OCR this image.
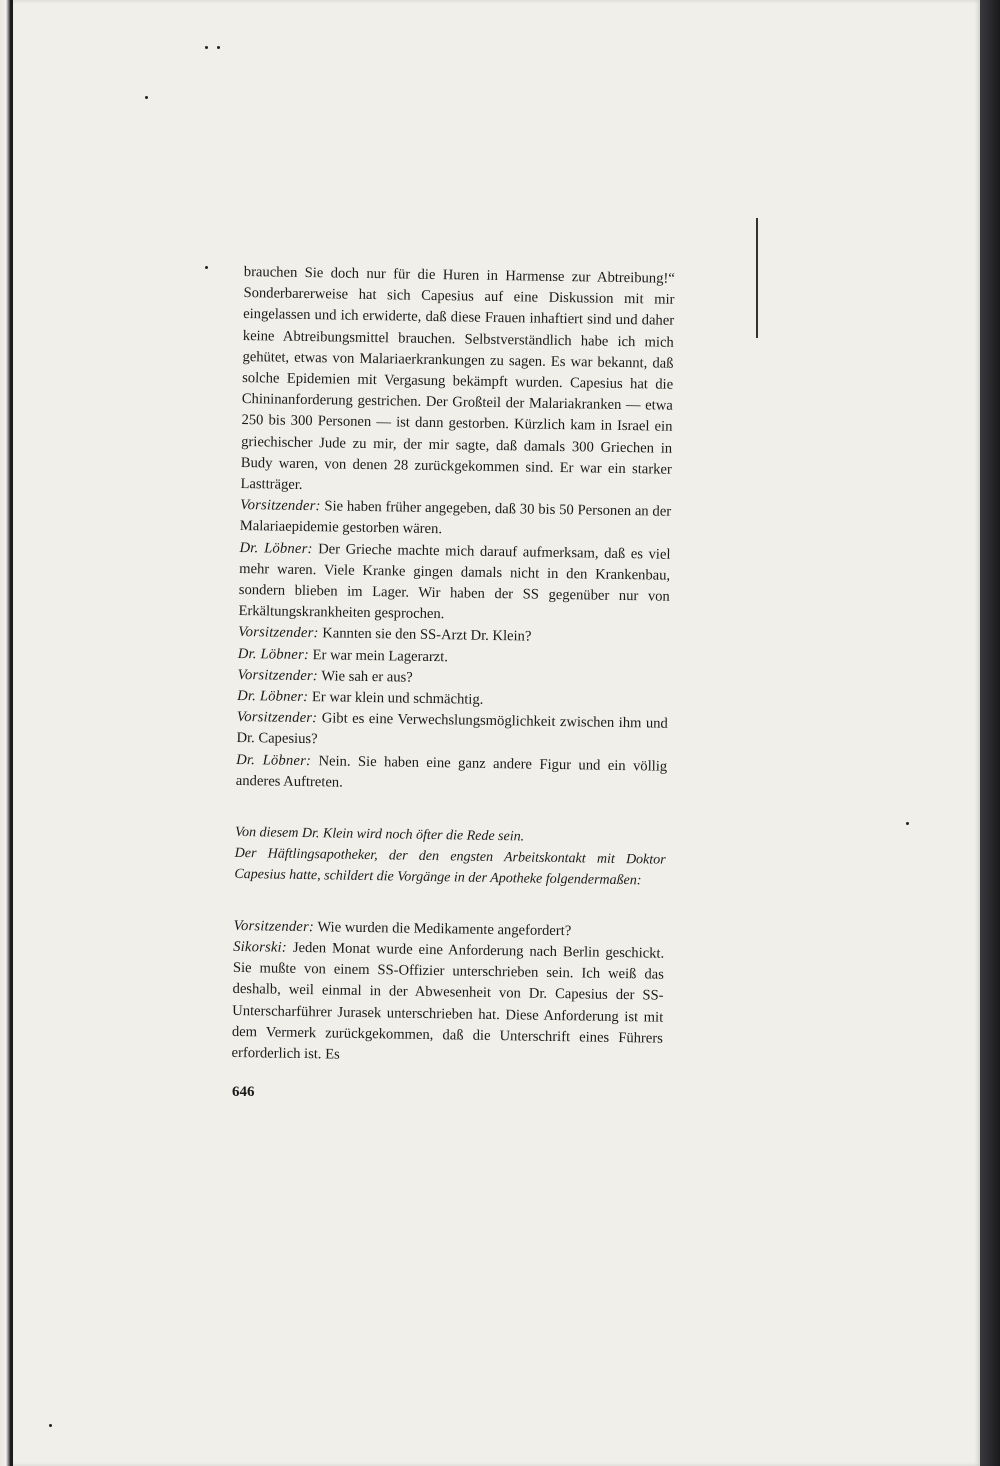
brauchen Sie doch nur für die Huren in Harmense zur Abtreibung!“ Sonderbarerweise hat sich Capesius auf eine Diskussion mit mir eingelassen und ich erwiderte, daß diese Frauen inhaftiert sind und daher keine Abtreibungsmittel brauchen. Selbstverständlich habe ich mich gehütet, etwas von Malariaerkrankungen zu sagen. Es war bekannt, daß solche Epidemien mit Vergasung bekämpft wurden. Capesius hat die Chininanforderung gestrichen. Der Großteil der Malariakranken — etwa 250 bis 300 Personen — ist dann gestorben. Kürzlich kam in Israel ein griechischer Jude zu mir, der mir sagte, daß damals 300 Griechen in Budy waren, von denen 28 zurückgekommen sind. Er war ein starker Lastträger.

Vorsitzender: Sie haben früher angegeben, daß 30 bis 50 Personen an der Malariaepidemie gestorben wären.

Dr. Löbner: Der Grieche machte mich darauf aufmerksam, daß es viel mehr waren. Viele Kranke gingen damals nicht in den Krankenbau, sondern blieben im Lager. Wir haben der SS gegenüber nur von Erkältungskrankheiten gesprochen.

Vorsitzender: Kannten sie den SS-Arzt Dr. Klein?

Dr. Löbner: Er war mein Lagerarzt.

Vorsitzender: Wie sah er aus?

Dr. Löbner: Er war klein und schmächtig.

Vorsitzender: Gibt es eine Verwechslungsmöglichkeit zwischen ihm und Dr. Capesius?

Dr. Löbner: Nein. Sie haben eine ganz andere Figur und ein völlig anderes Auftreten.

Von diesem Dr. Klein wird noch öfter die Rede sein.

Der Häftlingsapotheker, der den engsten Arbeitskontakt mit Doktor Capesius hatte, schildert die Vorgänge in der Apotheke folgendermaßen:

Vorsitzender: Wie wurden die Medikamente angefordert?

Sikorski: Jeden Monat wurde eine Anforderung nach Berlin geschickt. Sie mußte von einem SS-Offizier unterschrieben sein. Ich weiß das deshalb, weil einmal in der Abwesenheit von Dr. Capesius der SS-Unterscharführer Jurasek unterschrieben hat. Diese Anforderung ist mit dem Vermerk zurückgekommen, daß die Unterschrift eines Führers erforderlich ist. Es

646
